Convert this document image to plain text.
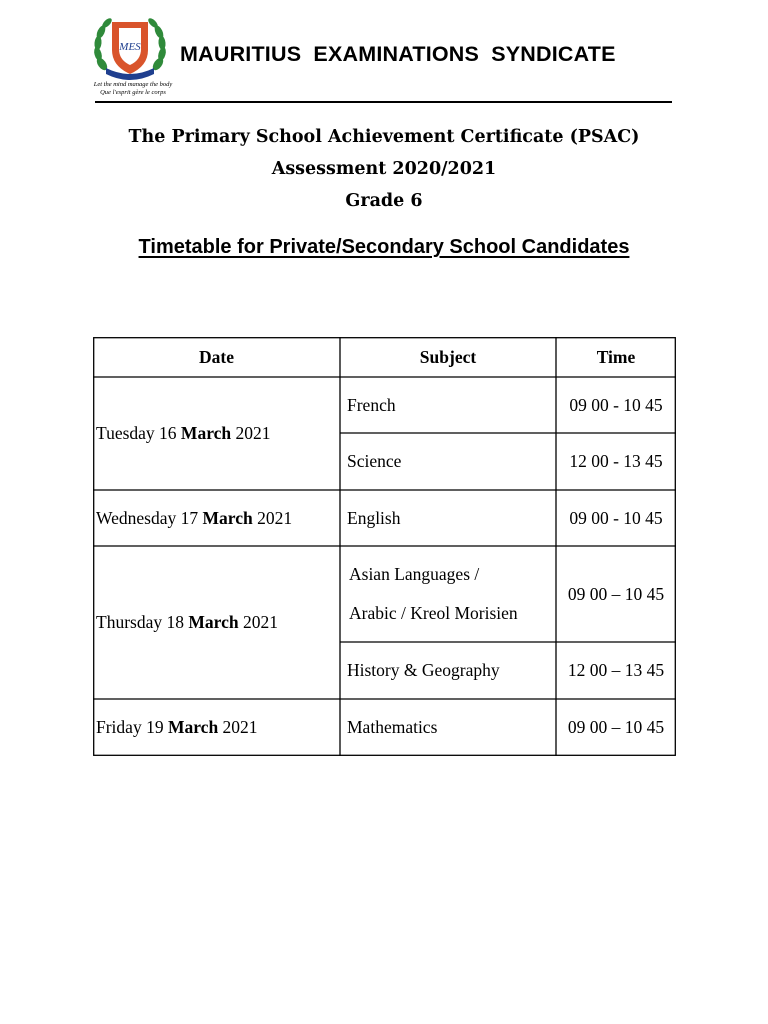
MES
Let the mind manage the body
Que l'esprit gère le corps
MAURITIUS EXAMINATIONS SYNDICATE
The Primary School Achievement Certificate (PSAC)
Assessment 2020/2021
Grade 6
Timetable for Private/Secondary School Candidates
Date	Subject	Time
Tuesday 16 March 2021
Wednesday 17 March 2021
Thursday 18 March 2021
Friday 19 March 2021
French
Science
English
Asian Languages /
Arabic / Kreol Morisien
History & Geography
Mathematics
09 00 - 10 45
12 00 - 13 45
09 00 - 10 45
09 00 – 10 45
12 00 – 13 45
09 00 – 10 45
